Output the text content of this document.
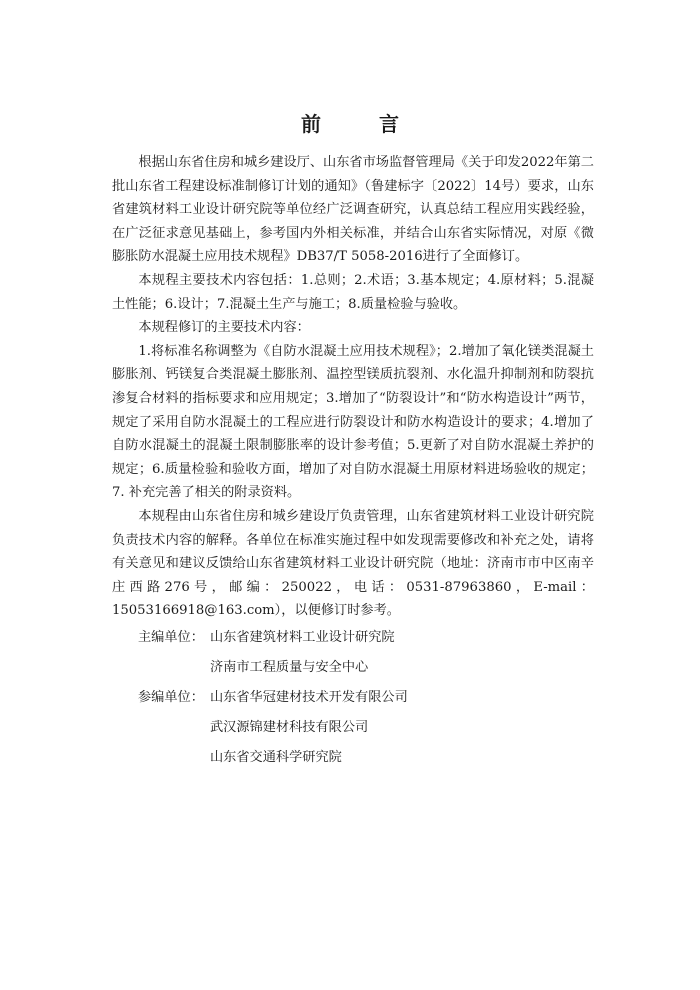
前	言

根据山东省住房和城乡建设厅、山东省市场监督管理局《关于印发2022年第二批山东省工程建设标准制修订计划的通知》（鲁建标字〔2022〕14号）要求，山东省建筑材料工业设计研究院等单位经广泛调查研究，认真总结工程应用实践经验，在广泛征求意见基础上，参考国内外相关标准，并结合山东省实际情况，对原《微膨胀防水混凝土应用技术规程》DB37/T 5058-2016进行了全面修订。

本规程主要技术内容包括：1.总则；2.术语；3.基本规定；4.原材料；5.混凝土性能；6.设计；7.混凝土生产与施工；8.质量检验与验收。

本规程修订的主要技术内容：

1.将标准名称调整为《自防水混凝土应用技术规程》；2.增加了氧化镁类混凝土膨胀剂、钙镁复合类混凝土膨胀剂、温控型镁质抗裂剂、水化温升抑制剂和防裂抗渗复合材料的指标要求和应用规定；3.增加了“防裂设计”和“防水构造设计”两节，规定了采用自防水混凝土的工程应进行防裂设计和防水构造设计的要求；4.增加了自防水混凝土的混凝土限制膨胀率的设计参考值；5.更新了对自防水混凝土养护的规定；6.质量检验和验收方面，增加了对自防水混凝土用原材料进场验收的规定；7. 补充完善了相关的附录资料。

本规程由山东省住房和城乡建设厅负责管理，山东省建筑材料工业设计研究院负责技术内容的解释。各单位在标准实施过程中如发现需要修改和补充之处，请将有关意见和建议反馈给山东省建筑材料工业设计研究院（地址：济南市市中区南辛庄西路276号，邮编：250022，电话：0531-87963860，E-mail：15053166918@163.com），以便修订时参考。

主编单位： 山东省建筑材料工业设计研究院
济南市工程质量与安全中心
参编单位： 山东省华冠建材技术开发有限公司
武汉源锦建材科技有限公司
山东省交通科学研究院
